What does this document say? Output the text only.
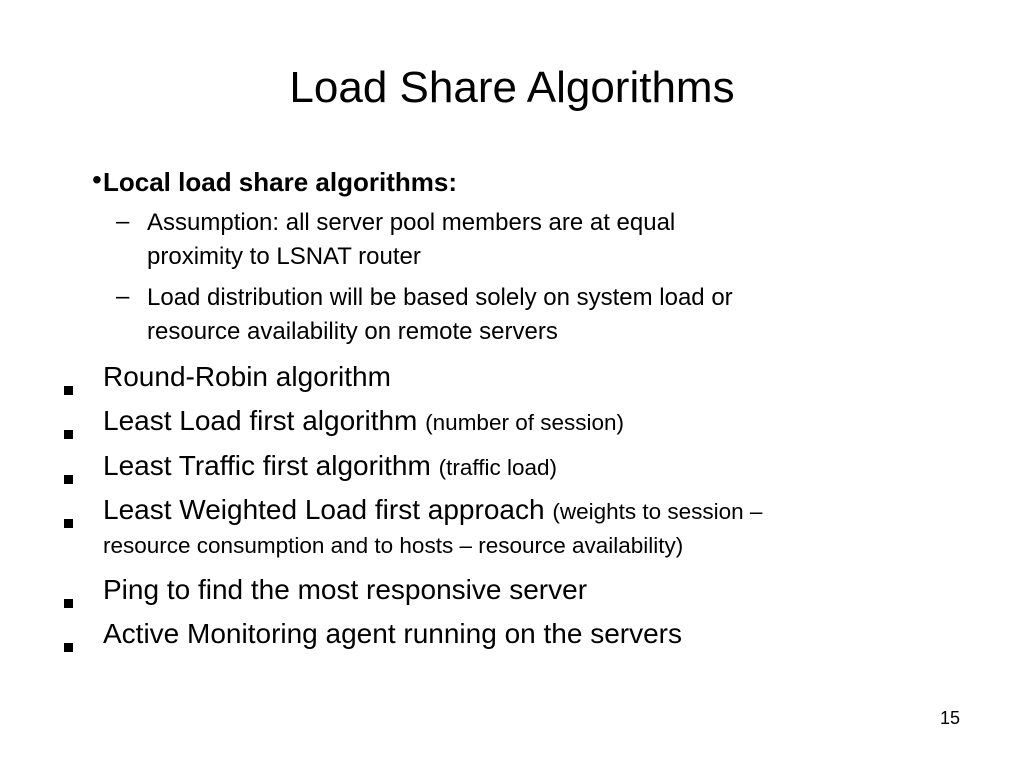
Load Share Algorithms
• Local load share algorithms:
– Assumption: all server pool members are at equal
proximity to LSNAT router
– Load distribution will be based solely on system load or
resource availability on remote servers
Round-Robin algorithm
Least Load first algorithm (number of session)
Least Traffic first algorithm (traffic load)
Least Weighted Load first approach (weights to session –
resource consumption and to hosts – resource availability)
Ping to find the most responsive server
Active Monitoring agent running on the servers
15
